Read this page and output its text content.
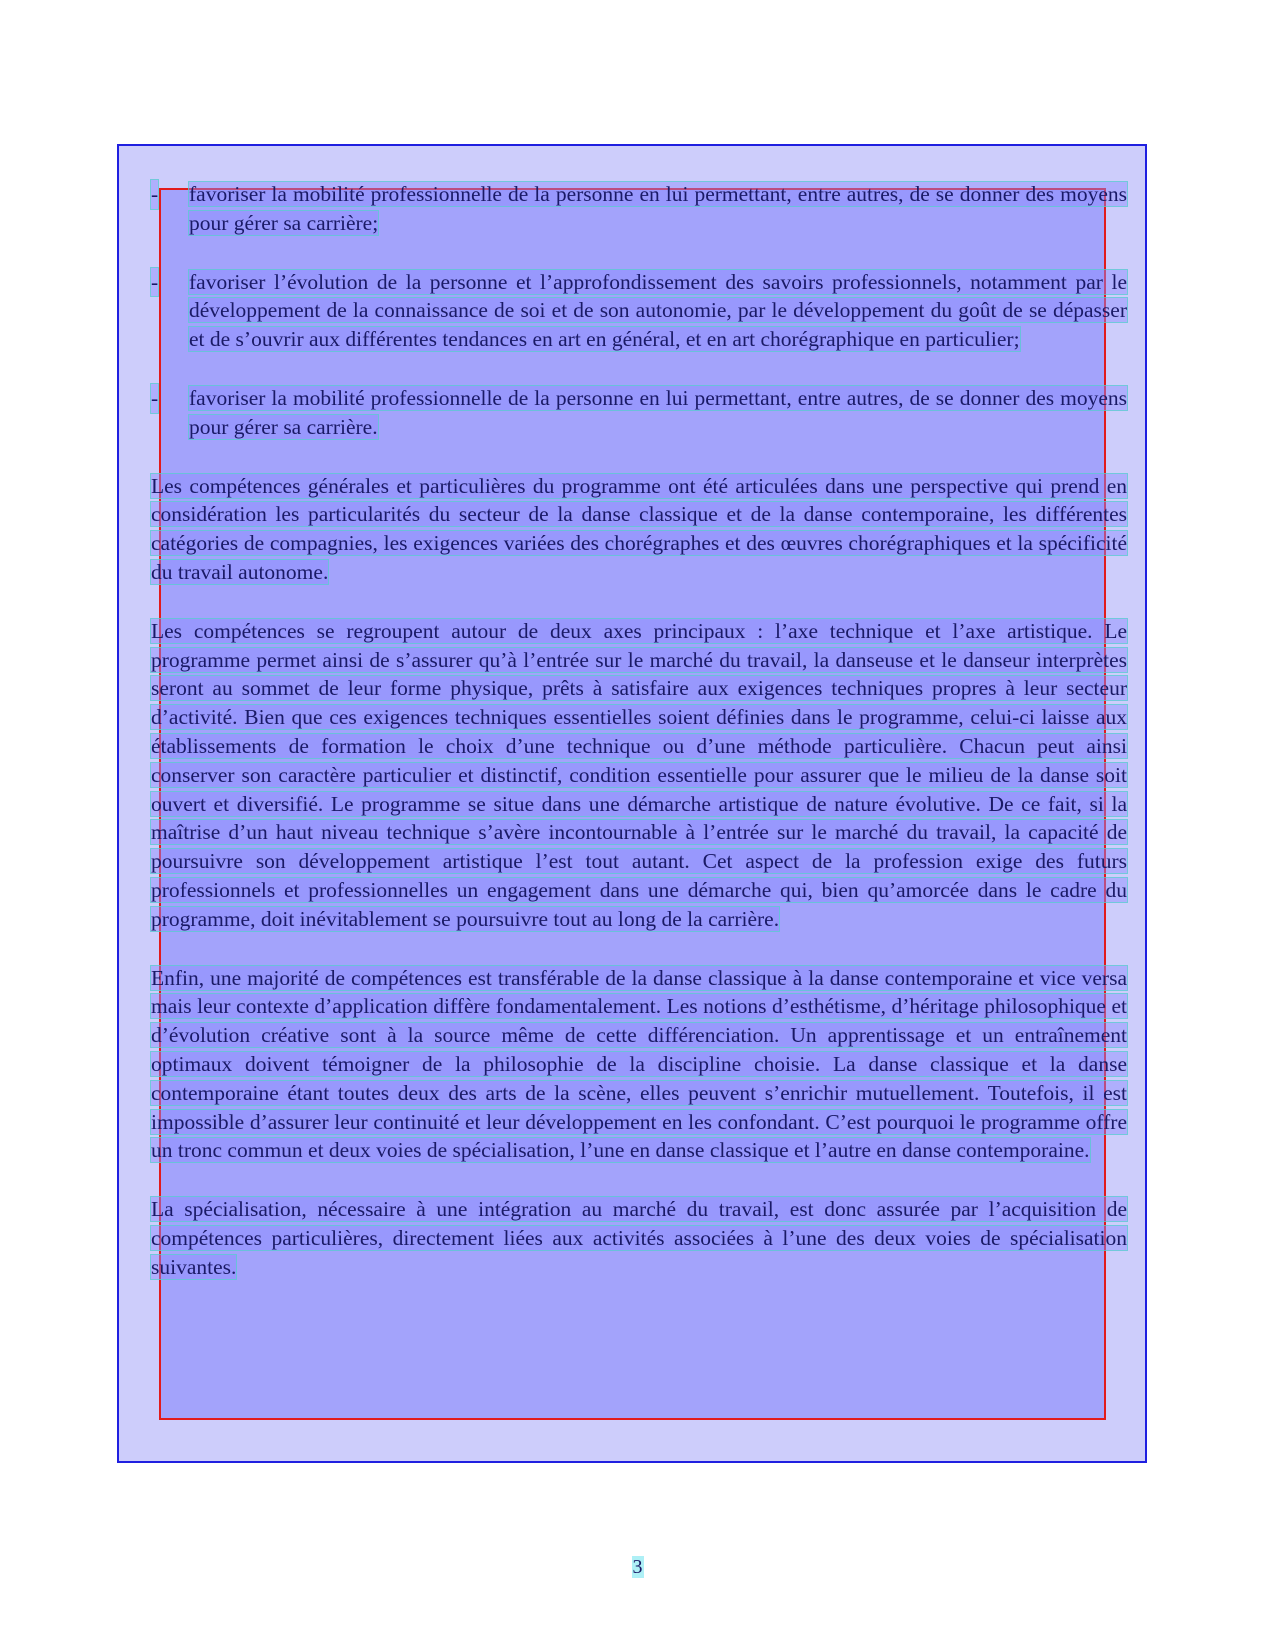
- favoriser la mobilité professionnelle de la personne en lui permettant, entre autres, de se donner des moyens pour gérer sa carrière;
- favoriser l’évolution de la personne et l’approfondissement des savoirs professionnels, notamment par le développement de la connaissance de soi et de son autonomie, par le développement du goût de se dépasser et de s’ouvrir aux différentes tendances en art en général, et en art chorégraphique en particulier;
- favoriser la mobilité professionnelle de la personne en lui permettant, entre autres, de se donner des moyens pour gérer sa carrière.

Les compétences générales et particulières du programme ont été articulées dans une perspective qui prend en considération les particularités du secteur de la danse classique et de la danse contemporaine, les différentes catégories de compagnies, les exigences variées des chorégraphes et des œuvres chorégraphiques et la spécificité du travail autonome.

Les compétences se regroupent autour de deux axes principaux : l’axe technique et l’axe artistique. Le programme permet ainsi de s’assurer qu’à l’entrée sur le marché du travail, la danseuse et le danseur interprètes seront au sommet de leur forme physique, prêts à satisfaire aux exigences techniques propres à leur secteur d’activité. Bien que ces exigences techniques essentielles soient définies dans le programme, celui-ci laisse aux établissements de formation le choix d’une technique ou d’une méthode particulière. Chacun peut ainsi conserver son caractère particulier et distinctif, condition essentielle pour assurer que le milieu de la danse soit ouvert et diversifié. Le programme se situe dans une démarche artistique de nature évolutive. De ce fait, si la maîtrise d’un haut niveau technique s’avère incontournable à l’entrée sur le marché du travail, la capacité de poursuivre son développement artistique l’est tout autant. Cet aspect de la profession exige des futurs professionnels et professionnelles un engagement dans une démarche qui, bien qu’amorcée dans le cadre du programme, doit inévitablement se poursuivre tout au long de la carrière.

Enfin, une majorité de compétences est transférable de la danse classique à la danse contemporaine et vice versa mais leur contexte d’application diffère fondamentalement. Les notions d’esthétisme, d’héritage philosophique et d’évolution créative sont à la source même de cette différenciation. Un apprentissage et un entraînement optimaux doivent témoigner de la philosophie de la discipline choisie. La danse classique et la danse contemporaine étant toutes deux des arts de la scène, elles peuvent s’enrichir mutuellement. Toutefois, il est impossible d’assurer leur continuité et leur développement en les confondant. C’est pourquoi le programme offre un tronc commun et deux voies de spécialisation, l’une en danse classique et l’autre en danse contemporaine.

La spécialisation, nécessaire à une intégration au marché du travail, est donc assurée par l’acquisition de compétences particulières, directement liées aux activités associées à l’une des deux voies de spécialisation suivantes.

3
